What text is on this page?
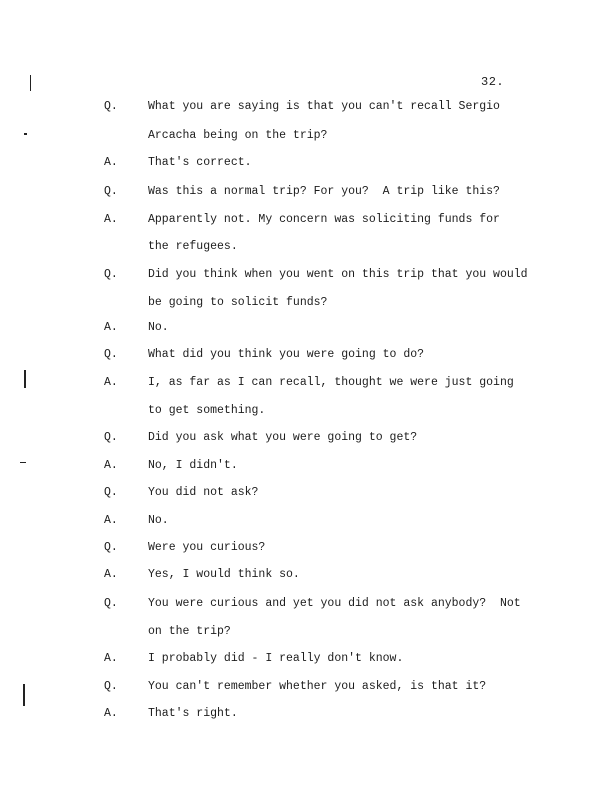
32.
Q.	What you are saying is that you can't recall Sergio
Arcacha being on the trip?
A.	That's correct.
Q.	Was this a normal trip? For you?  A trip like this?
A.	Apparently not. My concern was soliciting funds for
the refugees.
Q.	Did you think when you went on this trip that you would
be going to solicit funds?
A.	No.
Q.	What did you think you were going to do?
A.	I, as far as I can recall, thought we were just going
to get something.
Q.	Did you ask what you were going to get?
A.	No, I didn't.
Q.	You did not ask?
A.	No.
Q.	Were you curious?
A.	Yes, I would think so.
Q.	You were curious and yet you did not ask anybody?  Not
on the trip?
A.	I probably did - I really don't know.
Q.	You can't remember whether you asked, is that it?
A.	That's right.
